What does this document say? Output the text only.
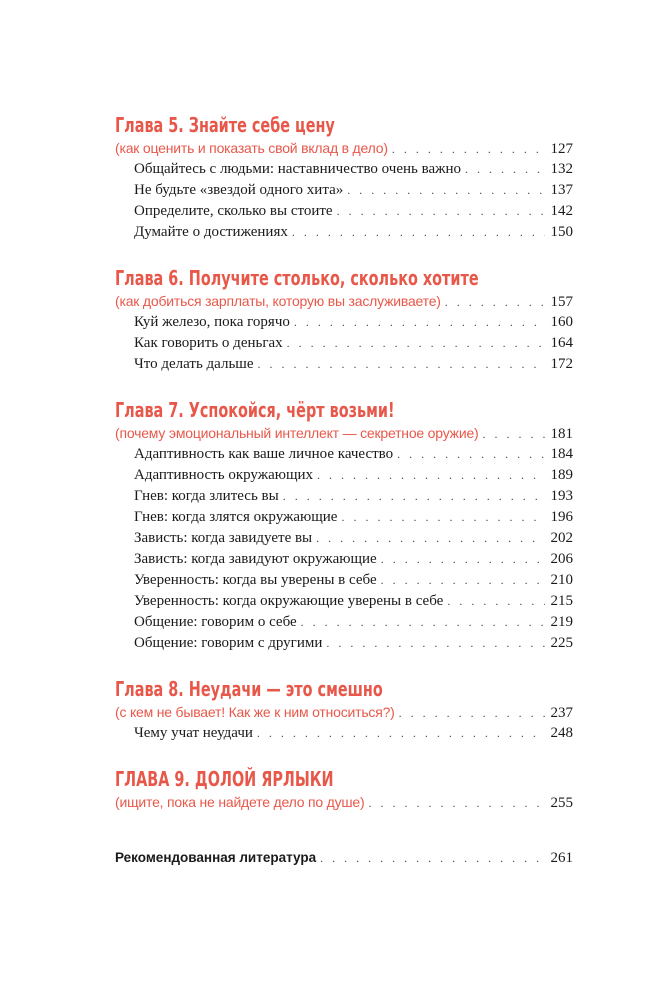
Глава 5. Знайте себе цену
(как оценить и показать свой вклад в дело) . . .	127
Общайтесь с людьми: наставничество очень важно . . .	132
Не будьте «звездой одного хита» . . .	137
Определите, сколько вы стоите . . .	142
Думайте о достижениях . . .	150
Глава 6. Получите столько, сколько хотите
(как добиться зарплаты, которую вы заслуживаете) . . .	157
Куй железо, пока горячо . . .	160
Как говорить о деньгах . . .	164
Что делать дальше . . .	172
Глава 7. Успокойся, чёрт возьми!
(почему эмоциональный интеллект — секретное оружие) . . .	181
Адаптивность как ваше личное качество . . .	184
Адаптивность окружающих . . .	189
Гнев: когда злитесь вы . . .	193
Гнев: когда злятся окружающие . . .	196
Зависть: когда завидуете вы . . .	202
Зависть: когда завидуют окружающие . . .	206
Уверенность: когда вы уверены в себе . . .	210
Уверенность: когда окружающие уверены в себе . . .	215
Общение: говорим о себе . . .	219
Общение: говорим с другими . . .	225
Глава 8. Неудачи — это смешно
(с кем не бывает! Как же к ним относиться?) . . .	237
Чему учат неудачи . . .	248
ГЛАВА 9. ДОЛОЙ ЯРЛЫКИ
(ищите, пока не найдете дело по душе) . . .	255
Рекомендованная литература . . .	261
